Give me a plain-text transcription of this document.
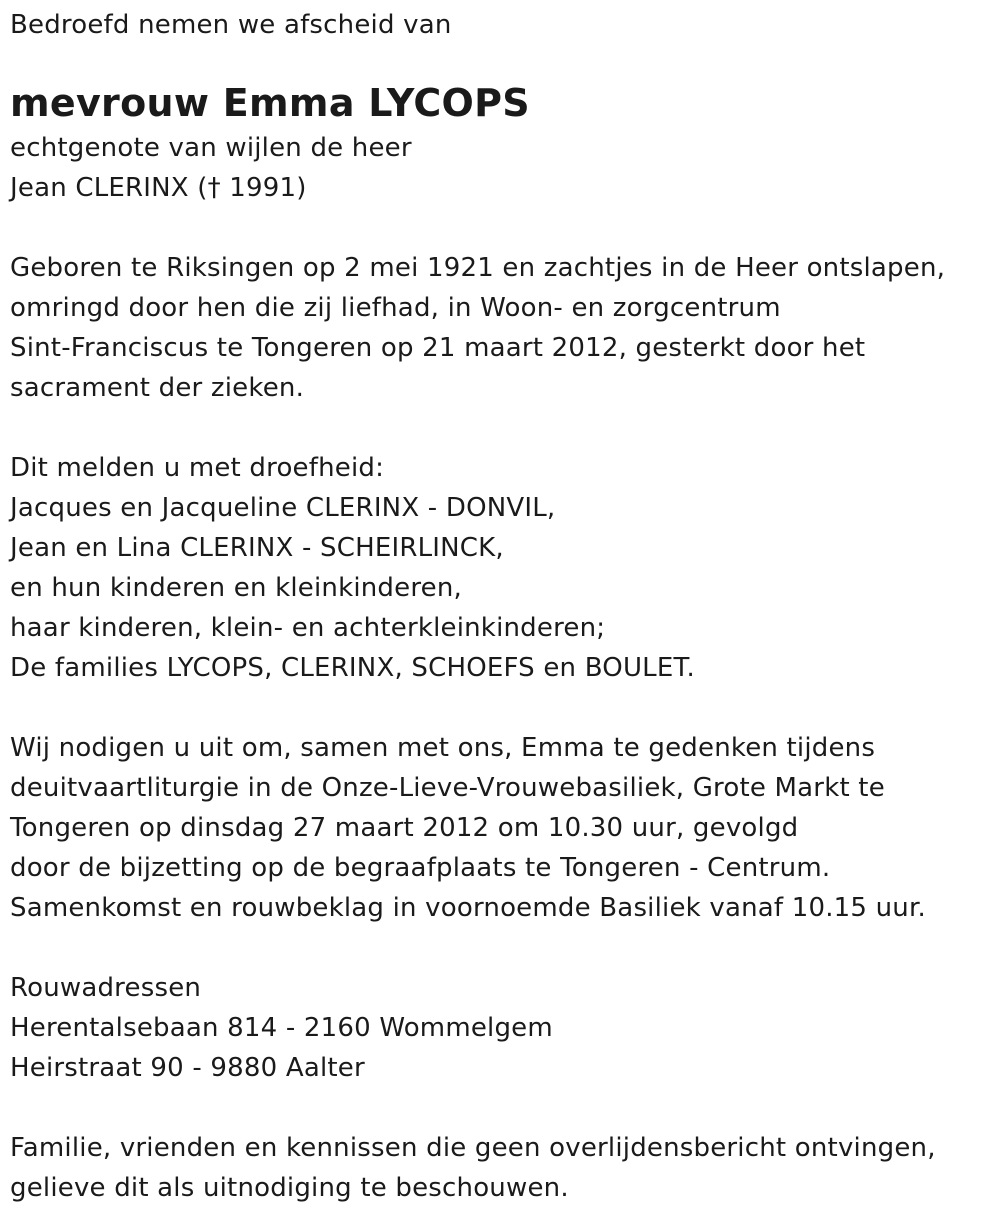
Bedroefd nemen we afscheid van
mevrouw Emma LYCOPS
echtgenote van wijlen de heer
Jean CLERINX († 1991)
Geboren te Riksingen op 2 mei 1921 en zachtjes in de Heer ontslapen,
omringd door hen die zij liefhad, in Woon- en zorgcentrum
Sint-Franciscus te Tongeren op 21 maart 2012, gesterkt door het
sacrament der zieken.
Dit melden u met droefheid:
Jacques en Jacqueline CLERINX - DONVIL,
Jean en Lina CLERINX - SCHEIRLINCK,
en hun kinderen en kleinkinderen,
haar kinderen, klein- en achterkleinkinderen;
De families LYCOPS, CLERINX, SCHOEFS en BOULET.
Wij nodigen u uit om, samen met ons, Emma te gedenken tijdens
deuitvaartliturgie in de Onze-Lieve-Vrouwebasiliek, Grote Markt te
Tongeren op dinsdag 27 maart 2012 om 10.30 uur, gevolgd
door de bijzetting op de begraafplaats te Tongeren - Centrum.
Samenkomst en rouwbeklag in voornoemde Basiliek vanaf 10.15 uur.
Rouwadressen
Herentalsebaan 814 - 2160 Wommelgem
Heirstraat 90 - 9880 Aalter
Familie, vrienden en kennissen die geen overlijdensbericht ontvingen,
gelieve dit als uitnodiging te beschouwen.
